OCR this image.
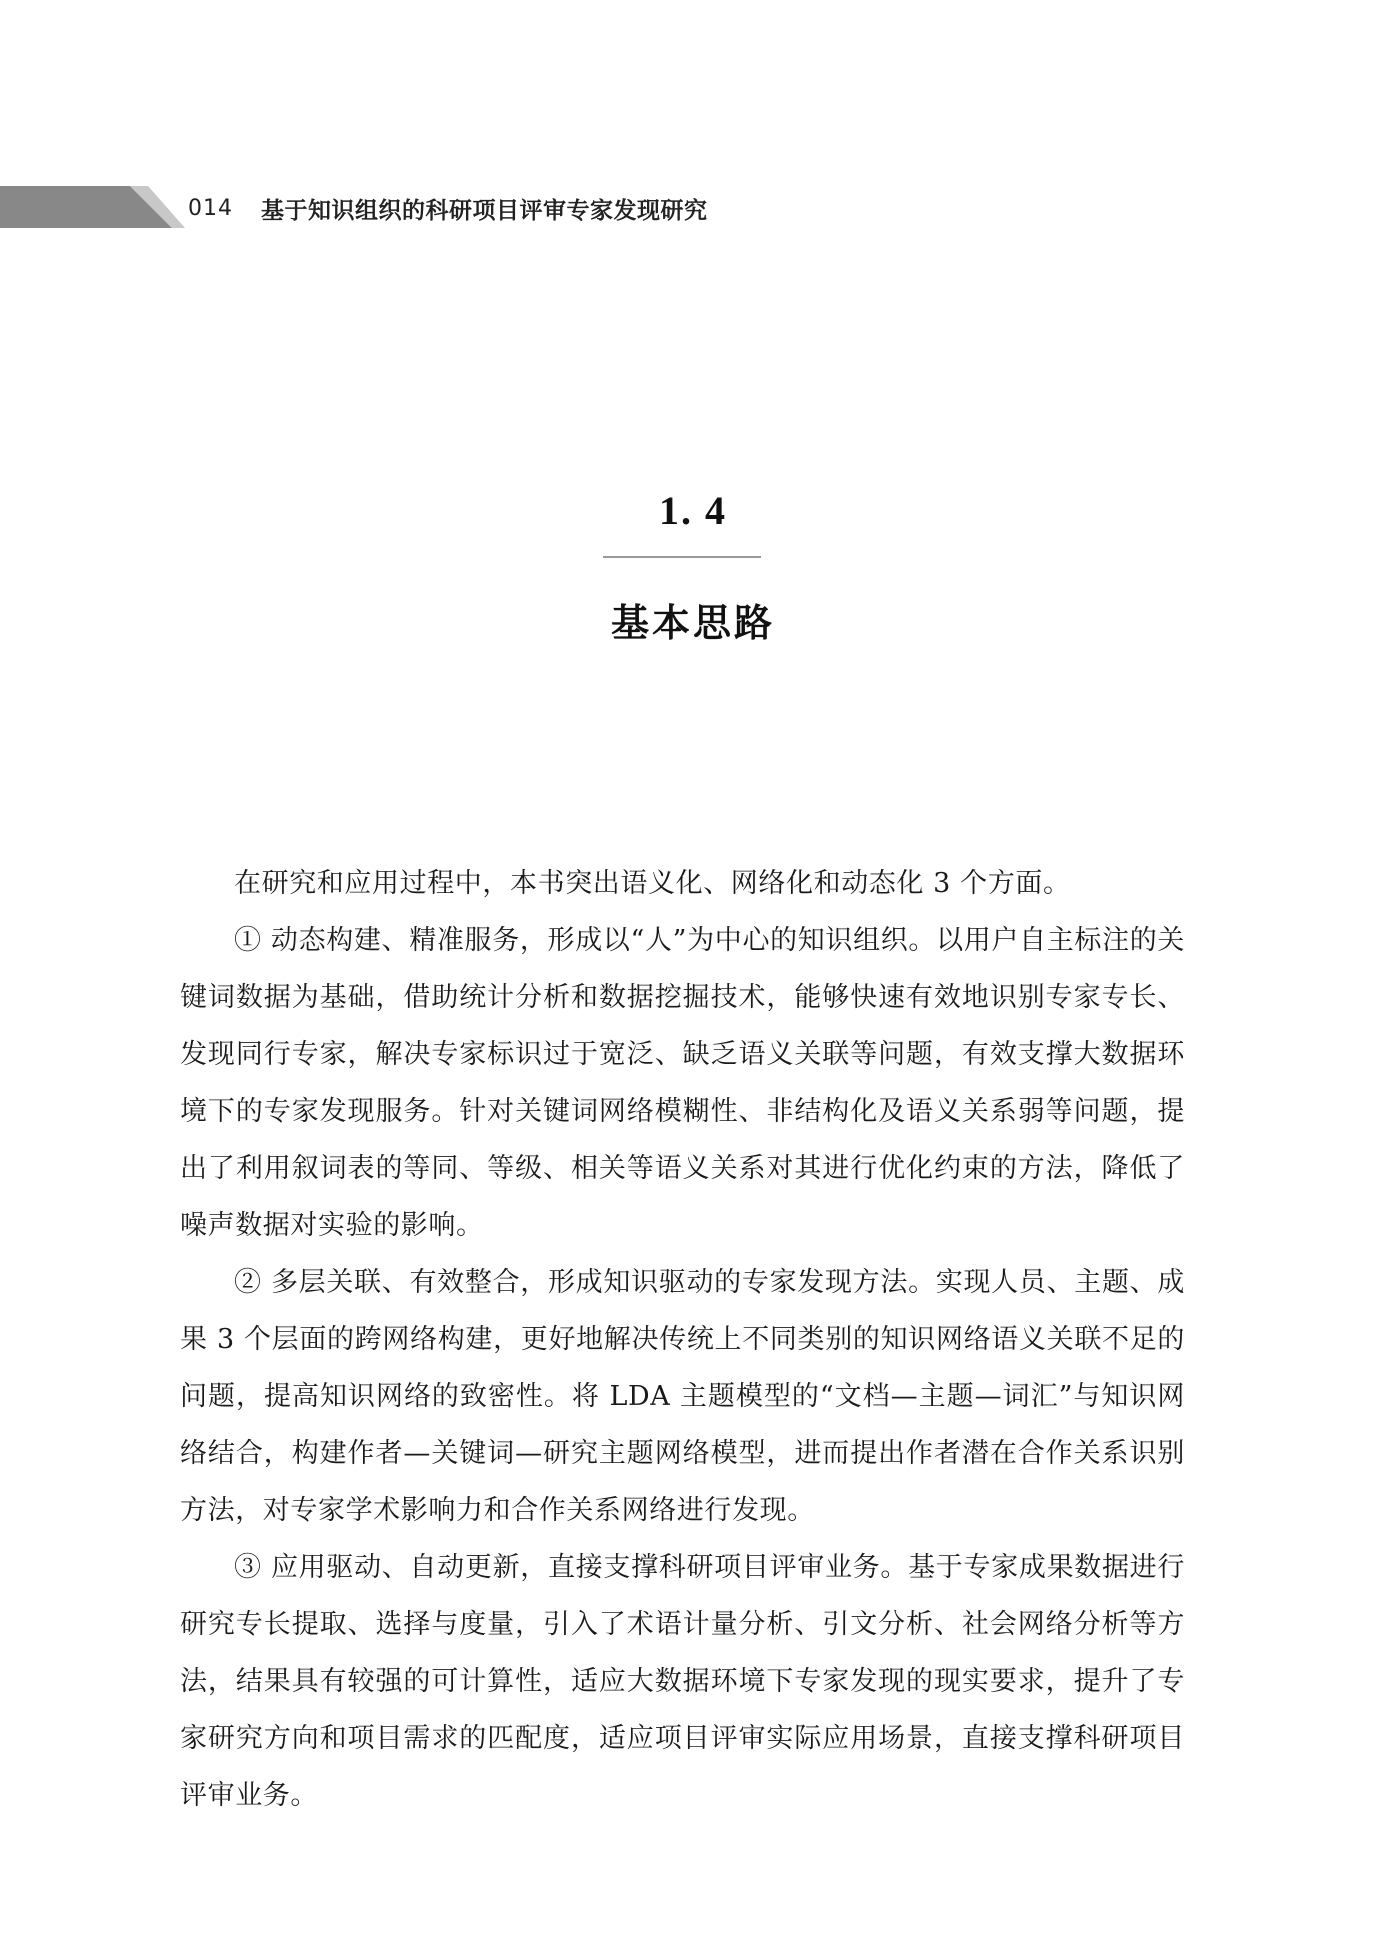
014 基于知识组织的科研项目评审专家发现研究
1. 4
基本思路

在研究和应用过程中，本书突出语义化、网络化和动态化 3 个方面。

① 动态构建、精准服务，形成以“人”为中心的知识组织。以用户自主标注的关键词数据为基础，借助统计分析和数据挖掘技术，能够快速有效地识别专家专长、发现同行专家，解决专家标识过于宽泛、缺乏语义关联等问题，有效支撑大数据环境下的专家发现服务。针对关键词网络模糊性、非结构化及语义关系弱等问题，提出了利用叙词表的等同、等级、相关等语义关系对其进行优化约束的方法，降低了噪声数据对实验的影响。

② 多层关联、有效整合，形成知识驱动的专家发现方法。实现人员、主题、成果 3 个层面的跨网络构建，更好地解决传统上不同类别的知识网络语义关联不足的问题，提高知识网络的致密性。将 LDA 主题模型的“文档—主题—词汇”与知识网络结合，构建作者—关键词—研究主题网络模型，进而提出作者潜在合作关系识别方法，对专家学术影响力和合作关系网络进行发现。

③ 应用驱动、自动更新，直接支撑科研项目评审业务。基于专家成果数据进行研究专长提取、选择与度量，引入了术语计量分析、引文分析、社会网络分析等方法，结果具有较强的可计算性，适应大数据环境下专家发现的现实要求，提升了专家研究方向和项目需求的匹配度，适应项目评审实际应用场景，直接支撑科研项目评审业务。
